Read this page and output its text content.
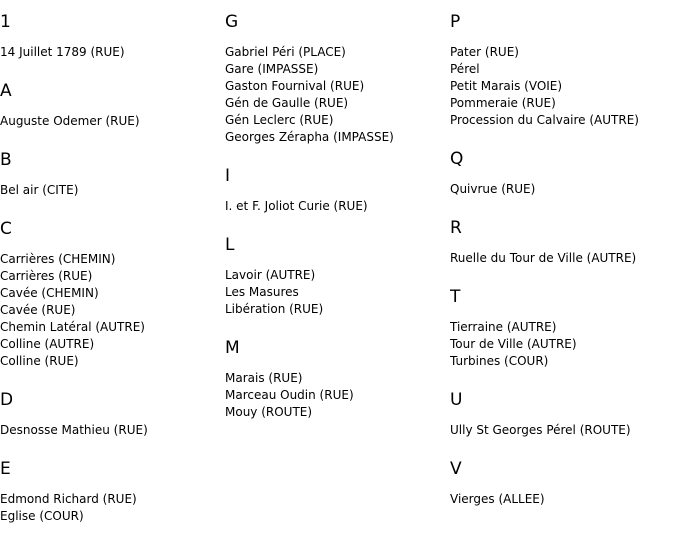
1
14 Juillet 1789 (RUE)
A
Auguste Odemer (RUE)
B
Bel air (CITE)
C
Carrières (CHEMIN)
Carrières (RUE)
Cavée (CHEMIN)
Cavée (RUE)
Chemin Latéral (AUTRE)
Colline (AUTRE)
Colline (RUE)
D
Desnosse Mathieu (RUE)
E
Edmond Richard (RUE)
Eglise (COUR)
G
Gabriel Péri (PLACE)
Gare (IMPASSE)
Gaston Fournival (RUE)
Gén de Gaulle (RUE)
Gén Leclerc (RUE)
Georges Zérapha (IMPASSE)
I
I. et F. Joliot Curie (RUE)
L
Lavoir (AUTRE)
Les Masures
Libération (RUE)
M
Marais (RUE)
Marceau Oudin (RUE)
Mouy (ROUTE)
P
Pater (RUE)
Pérel
Petit Marais (VOIE)
Pommeraie (RUE)
Procession du Calvaire (AUTRE)
Q
Quivrue (RUE)
R
Ruelle du Tour de Ville (AUTRE)
T
Tierraine (AUTRE)
Tour de Ville (AUTRE)
Turbines (COUR)
U
Ully St Georges Pérel (ROUTE)
V
Vierges (ALLEE)
